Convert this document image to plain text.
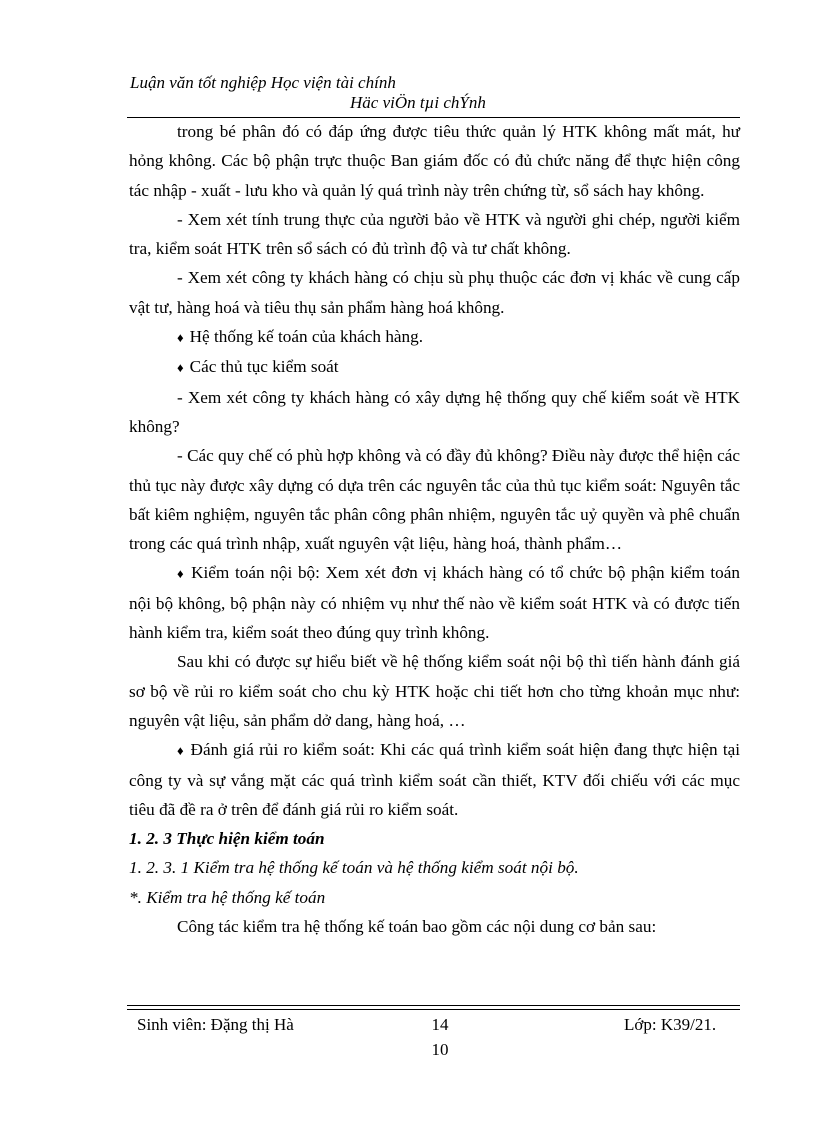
Luận văn tốt nghiệp Học viện tài chính
Häc viÖn tµi chÝnh

trong bé phân đó có đáp ứng được tiêu thức quản lý HTK không mất mát, hư hỏng không. Các bộ phận trực thuộc Ban giám đốc có đủ chức năng để thực hiện công tác nhập - xuất - lưu kho và quản lý quá trình này trên chứng từ, sổ sách hay không.

- Xem xét tính trung thực của người bảo về HTK và người ghi chép, người kiểm tra, kiểm soát HTK trên sổ sách có đủ trình độ và tư chất không.

- Xem xét công ty khách hàng có chịu sù phụ thuộc các đơn vị khác về cung cấp vật tư, hàng hoá và tiêu thụ sản phẩm hàng hoá không.

♦ Hệ thống kế toán của khách hàng.

♦ Các thủ tục kiểm soát

- Xem xét công ty khách hàng có xây dựng hệ thống quy chế kiểm soát về HTK không?

- Các quy chế có phù hợp không và có đầy đủ không? Điều này được thể hiện các thủ tục này được xây dựng có dựa trên các nguyên tắc của thủ tục kiểm soát: Nguyên tắc bất kiêm nghiệm, nguyên tắc phân công phân nhiệm, nguyên tắc uỷ quyền và phê chuẩn trong các quá trình nhập, xuất nguyên vật liệu, hàng hoá, thành phẩm…

♦ Kiểm toán nội bộ: Xem xét đơn vị khách hàng có tổ chức bộ phận kiểm toán nội bộ không, bộ phận này có nhiệm vụ như thế nào về kiểm soát HTK và có được tiến hành kiểm tra, kiểm soát theo đúng quy trình không.

Sau khi có được sự hiểu biết về hệ thống kiểm soát nội bộ thì tiến hành đánh giá sơ bộ về rủi ro kiểm soát cho chu kỳ HTK hoặc chi tiết hơn cho từng khoản mục như: nguyên vật liệu, sản phẩm dở dang, hàng hoá, …

♦ Đánh giá rủi ro kiểm soát: Khi các quá trình kiểm soát hiện đang thực hiện tại công ty và sự vắng mặt các quá trình kiểm soát cần thiết, KTV đối chiếu với các mục tiêu đã đề ra ở trên để đánh giá rủi ro kiểm soát.

1. 2. 3 Thực hiện kiểm toán

1. 2. 3. 1 Kiểm tra hệ thống kế toán và hệ thống kiểm soát nội bộ.

*. Kiểm tra hệ thống kế toán

Công tác kiểm tra hệ thống kế toán bao gồm các nội dung cơ bản sau:

Sinh viên: Đặng thị Hà	14	Lớp: K39/21.
10
